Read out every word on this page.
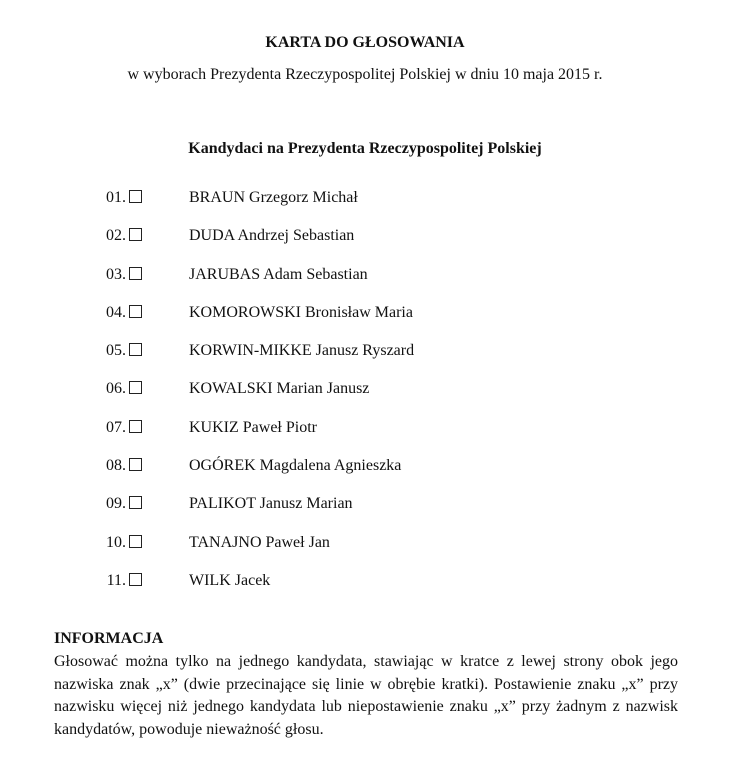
KARTA DO GŁOSOWANIA
w wyborach Prezydenta Rzeczypospolitej Polskiej w dniu 10 maja 2015 r.
Kandydaci na Prezydenta Rzeczypospolitej Polskiej
01.	BRAUN Grzegorz Michał
02.	DUDA Andrzej Sebastian
03.	JARUBAS Adam Sebastian
04.	KOMOROWSKI Bronisław Maria
05.	KORWIN-MIKKE Janusz Ryszard
06.	KOWALSKI Marian Janusz
07.	KUKIZ Paweł Piotr
08.	OGÓREK Magdalena Agnieszka
09.	PALIKOT Janusz Marian
10.	TANAJNO Paweł Jan
11.	WILK Jacek
INFORMACJA

Głosować można tylko na jednego kandydata, stawiając w kratce z lewej strony obok jego nazwiska znak „x” (dwie przecinające się linie w obrębie kratki). Postawienie znaku „x” przy nazwisku więcej niż jednego kandydata lub niepostawienie znaku „x” przy żadnym z nazwisk kandydatów, powoduje nieważność głosu.
